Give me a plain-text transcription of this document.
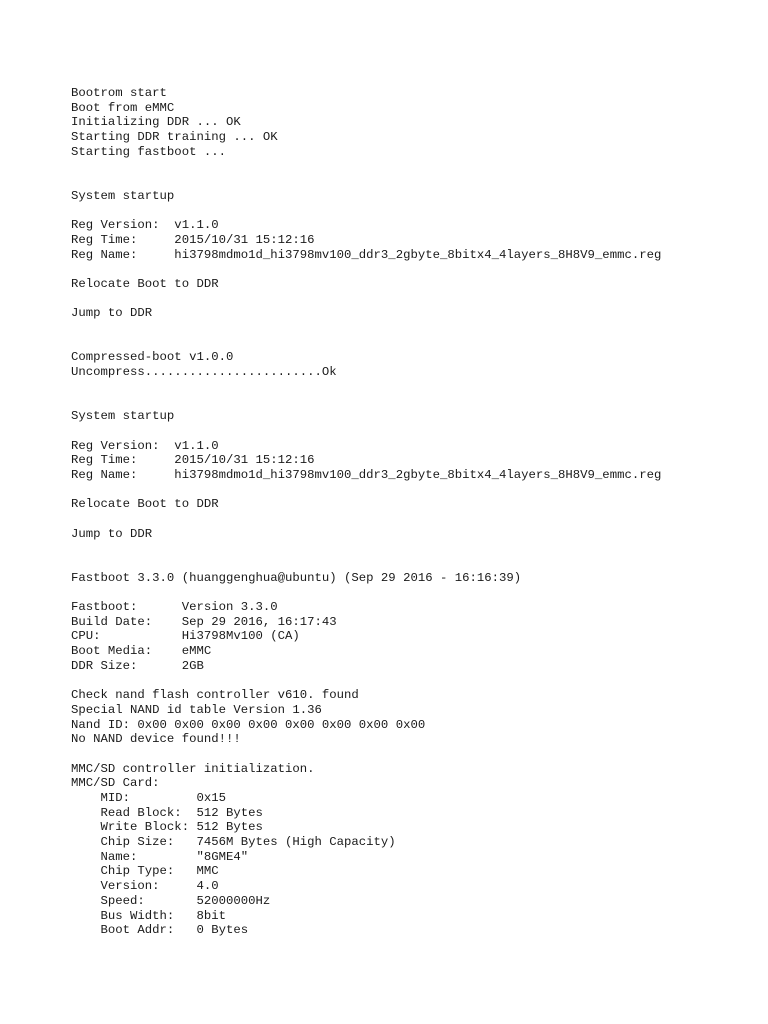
Bootrom start
Boot from eMMC
Initializing DDR ... OK
Starting DDR training ... OK
Starting fastboot ...
System startup
Reg Version:  v1.1.0
Reg Time:     2015/10/31 15:12:16
Reg Name:     hi3798mdmo1d_hi3798mv100_ddr3_2gbyte_8bitx4_4layers_8H8V9_emmc.reg
Relocate Boot to DDR
Jump to DDR
Compressed-boot v1.0.0
Uncompress........................Ok
System startup
Reg Version:  v1.1.0
Reg Time:     2015/10/31 15:12:16
Reg Name:     hi3798mdmo1d_hi3798mv100_ddr3_2gbyte_8bitx4_4layers_8H8V9_emmc.reg
Relocate Boot to DDR
Jump to DDR
Fastboot 3.3.0 (huanggenghua@ubuntu) (Sep 29 2016 - 16:16:39)
Fastboot:      Version 3.3.0
Build Date:    Sep 29 2016, 16:17:43
CPU:           Hi3798Mv100 (CA)
Boot Media:    eMMC
DDR Size:      2GB
Check nand flash controller v610. found
Special NAND id table Version 1.36
Nand ID: 0x00 0x00 0x00 0x00 0x00 0x00 0x00 0x00
No NAND device found!!!
MMC/SD controller initialization.
MMC/SD Card:
MID:         0x15
Read Block:  512 Bytes
Write Block: 512 Bytes
Chip Size:   7456M Bytes (High Capacity)
Name:        "8GME4"
Chip Type:   MMC
Version:     4.0
Speed:       52000000Hz
Bus Width:   8bit
Boot Addr:   0 Bytes
